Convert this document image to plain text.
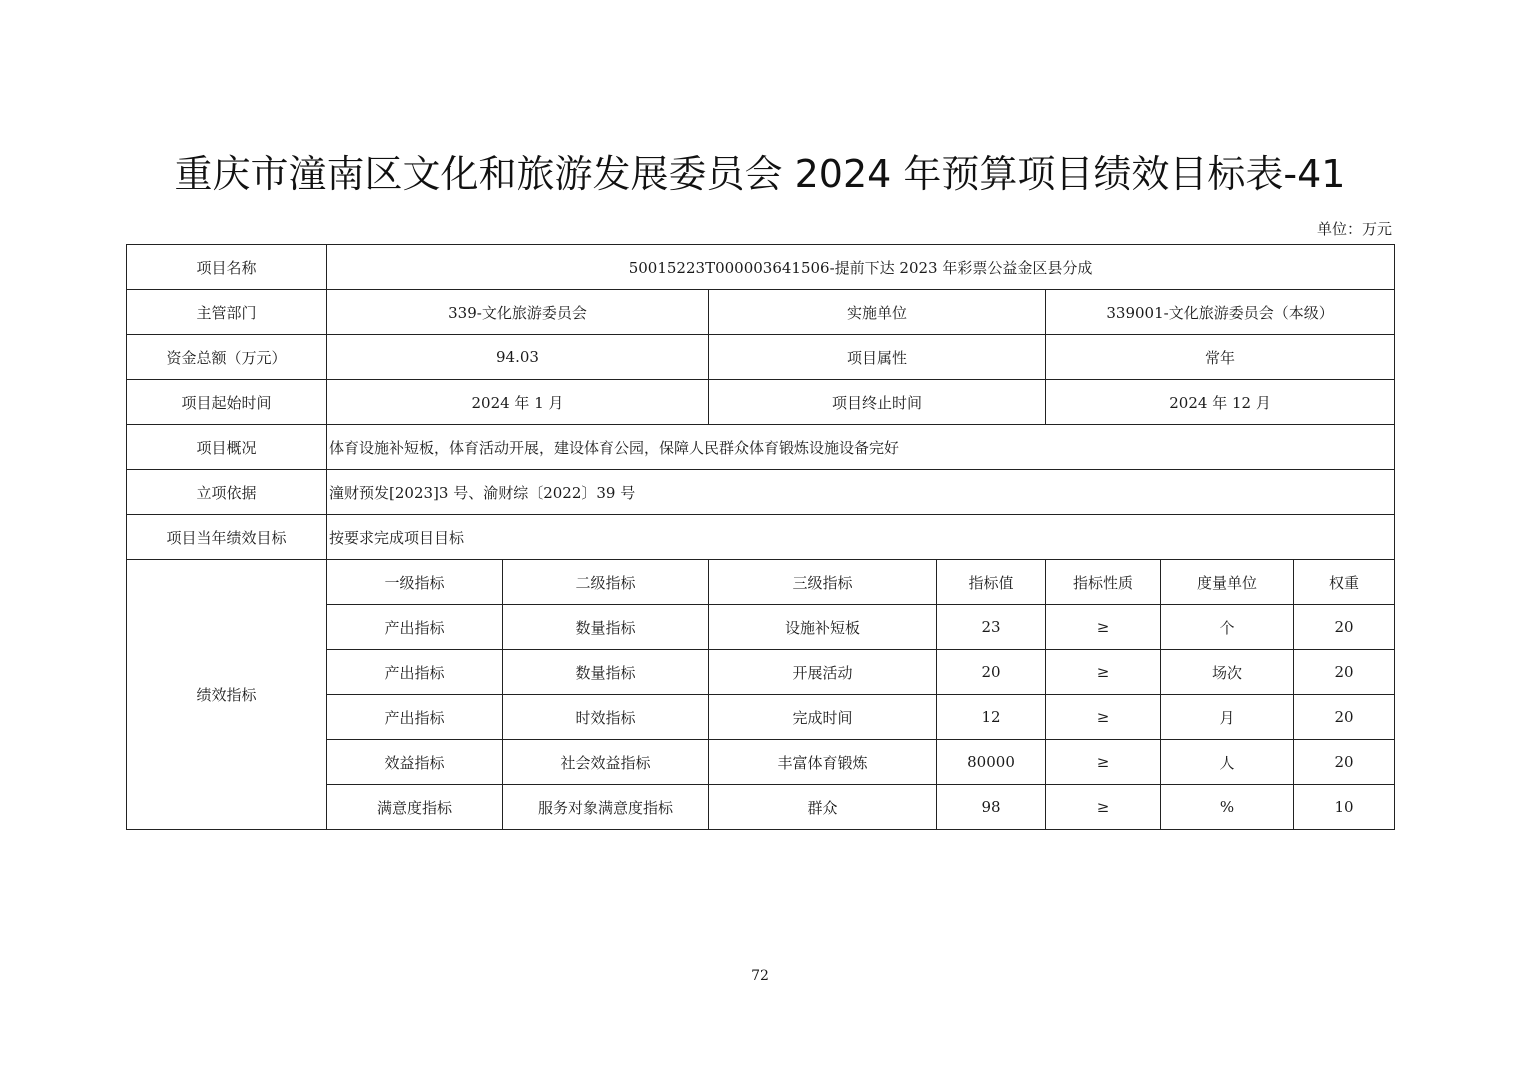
重庆市潼南区文化和旅游发展委员会 2024 年预算项目绩效目标表-41
单位：万元
项目名称	50015223T000003641506-提前下达 2023 年彩票公益金区县分成						
主管部门	339-文化旅游委员会		实施单位		339001-文化旅游委员会（本级）		
资金总额（万元）	94.03		项目属性		常年		
项目起始时间	2024 年 1 月		项目终止时间		2024 年 12 月		
项目概况	体育设施补短板，体育活动开展，建设体育公园，保障人民群众体育锻炼设施设备完好						
立项依据	潼财预发[2023]3 号、渝财综〔2022〕39 号						
项目当年绩效目标	按要求完成项目目标						
绩效指标	一级指标	二级指标	三级指标	指标值	指标性质	度量单位	权重
	产出指标	数量指标	设施补短板	23	≥	个	20
	产出指标	数量指标	开展活动	20	≥	场次	20
	产出指标	时效指标	完成时间	12	≥	月	20
	效益指标	社会效益指标	丰富体育锻炼	80000	≥	人	20
	满意度指标	服务对象满意度指标	群众	98	≥	%	10
72
